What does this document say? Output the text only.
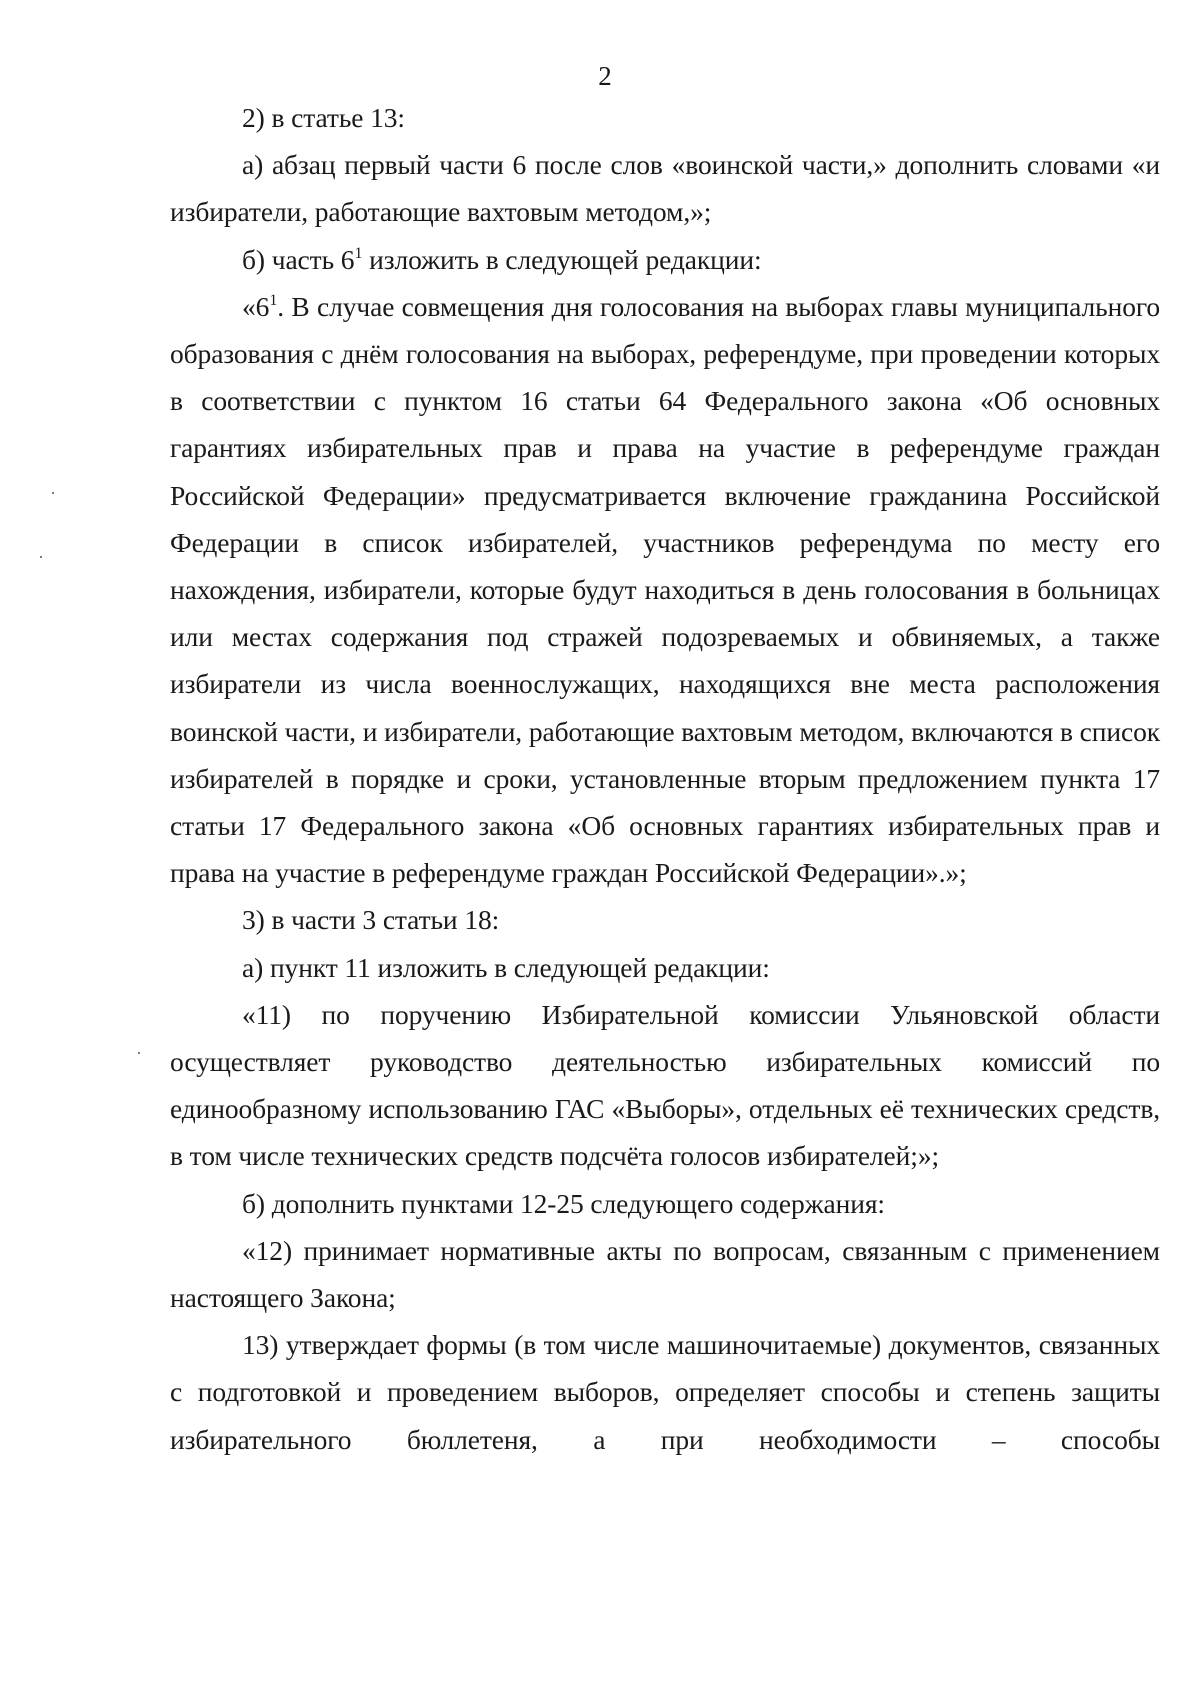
2

2) в статье 13:

а) абзац первый части 6 после слов «воинской части,» дополнить словами «и избиратели, работающие вахтовым методом,»;

б) часть $6^1$ изложить в следующей редакции:

«$6^1$. В случае совмещения дня голосования на выборах главы муниципального образования с днём голосования на выборах, референдуме, при проведении которых в соответствии с пунктом 16 статьи 64 Федерального закона «Об основных гарантиях избирательных прав и права на участие в референдуме граждан Российской Федерации» предусматривается включение гражданина Российской Федерации в список избирателей, участников референдума по месту его нахождения, избиратели, которые будут находиться в день голосования в больницах или местах содержания под стражей подозреваемых и обвиняемых, а также избиратели из числа военнослужащих, находящихся вне места расположения воинской части, и избиратели, работающие вахтовым методом, включаются в список избирателей в порядке и сроки, установленные вторым предложением пункта 17 статьи 17 Федерального закона «Об основных гарантиях избирательных прав и права на участие в референдуме граждан Российской Федерации».»;

3) в части 3 статьи 18:

а) пункт 11 изложить в следующей редакции:

«11) по поручению Избирательной комиссии Ульяновской области осуществляет руководство деятельностью избирательных комиссий по единообразному использованию ГАС «Выборы», отдельных её технических средств, в том числе технических средств подсчёта голосов избирателей;»;

б) дополнить пунктами 12-25 следующего содержания:

«12) принимает нормативные акты по вопросам, связанным с применением настоящего Закона;

13) утверждает формы (в том числе машиночитаемые) документов, связанных с подготовкой и проведением выборов, определяет способы и степень защиты избирательного бюллетеня, а при необходимости – способы
